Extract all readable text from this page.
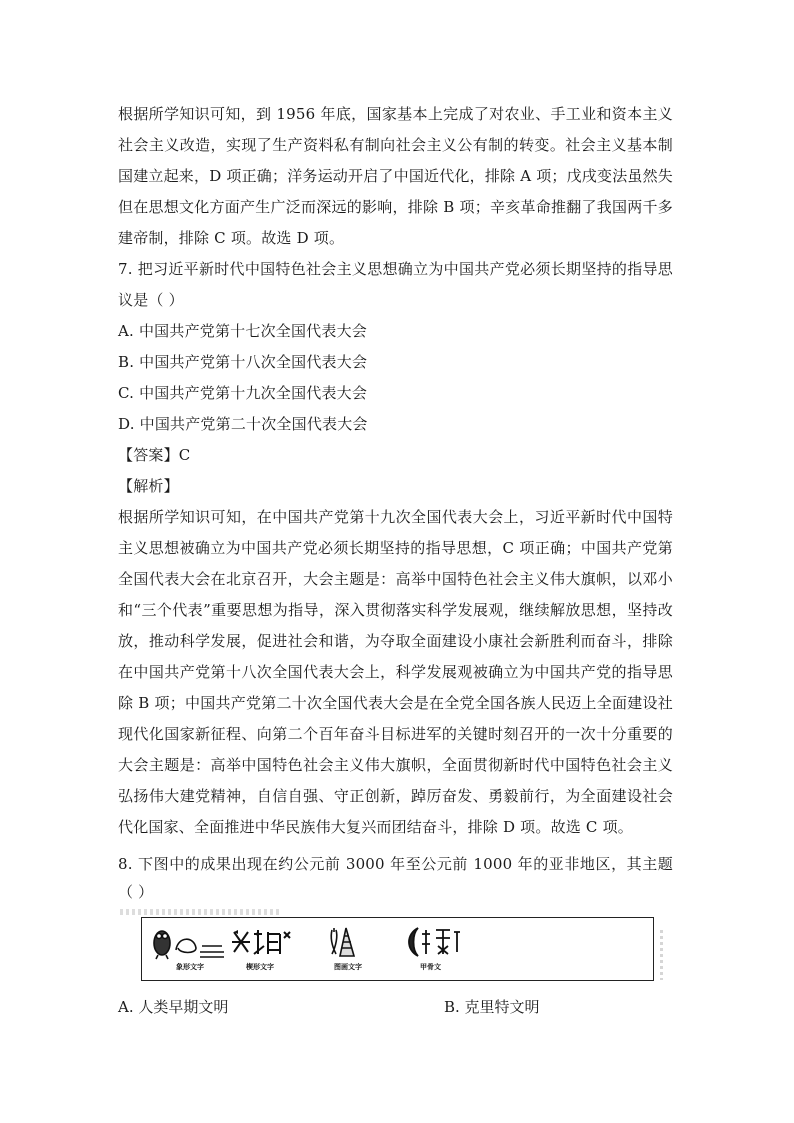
根据所学知识可知，到 1956 年底，国家基本上完成了对农业、手工业和资本主义
社会主义改造，实现了生产资料私有制向社会主义公有制的转变。社会主义基本制
国建立起来，D 项正确；洋务运动开启了中国近代化，排除 A 项；戊戌变法虽然失
但在思想文化方面产生广泛而深远的影响，排除 B 项；辛亥革命推翻了我国两千多
建帝制，排除 C 项。故选 D 项。
7. 把习近平新时代中国特色社会主义思想确立为中国共产党必须长期坚持的指导思
议是（ ）
A. 中国共产党第十七次全国代表大会
B. 中国共产党第十八次全国代表大会
C. 中国共产党第十九次全国代表大会
D. 中国共产党第二十次全国代表大会
【答案】C
【解析】
根据所学知识可知，在中国共产党第十九次全国代表大会上，习近平新时代中国特
主义思想被确立为中国共产党必须长期坚持的指导思想，C 项正确；中国共产党第
全国代表大会在北京召开，大会主题是：高举中国特色社会主义伟大旗帜，以邓小
和“三个代表”重要思想为指导，深入贯彻落实科学发展观，继续解放思想，坚持改
放，推动科学发展，促进社会和谐，为夺取全面建设小康社会新胜利而奋斗，排除
在中国共产党第十八次全国代表大会上，科学发展观被确立为中国共产党的指导思
除 B 项；中国共产党第二十次全国代表大会是在全党全国各族人民迈上全面建设社
现代化国家新征程、向第二个百年奋斗目标进军的关键时刻召开的一次十分重要的
大会主题是：高举中国特色社会主义伟大旗帜，全面贯彻新时代中国特色社会主义
弘扬伟大建党精神，自信自强、守正创新，踔厉奋发、勇毅前行，为全面建设社会
代化国家、全面推进中华民族伟大复兴而团结奋斗，排除 D 项。故选 C 项。
8. 下图中的成果出现在约公元前 3000 年至公元前 1000 年的亚非地区，其主题
（ ）
象形文字	楔形文字	图画文字	甲骨文
A. 人类早期文明	B. 克里特文明
